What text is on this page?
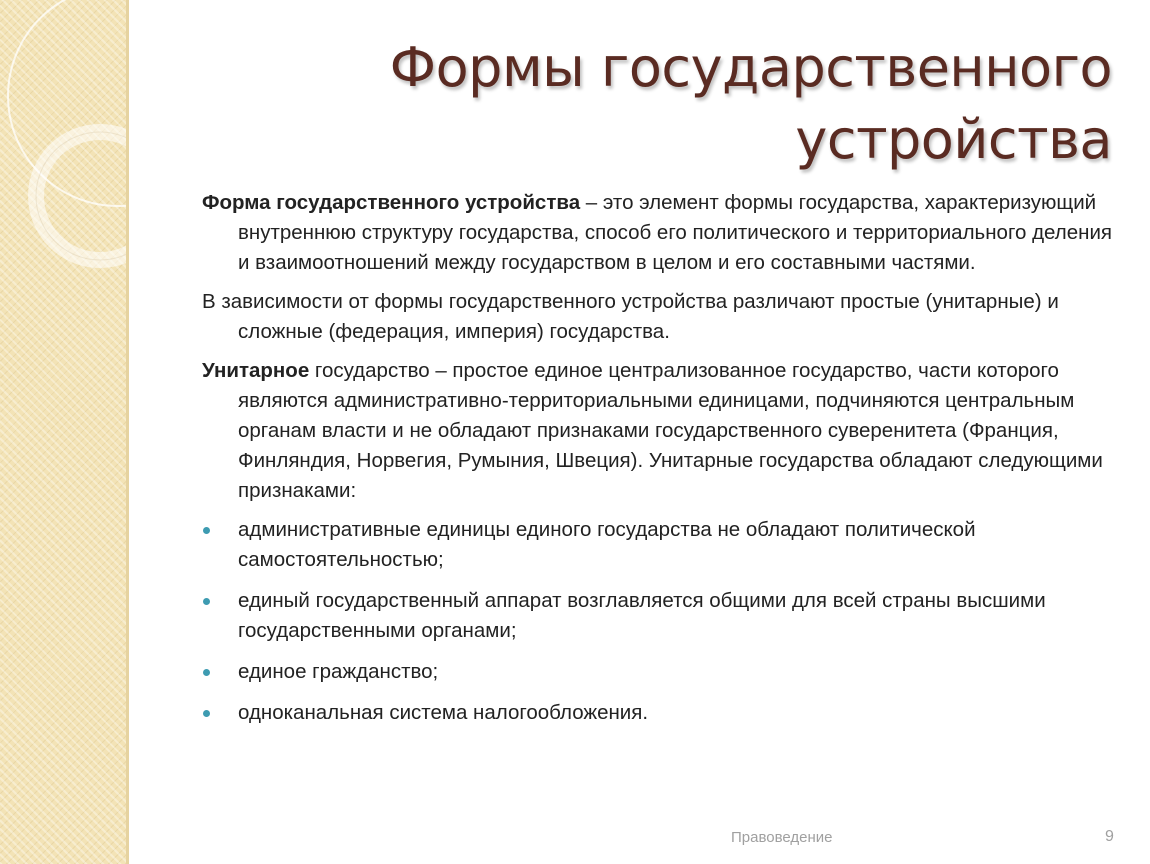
Формы государственного
устройства

Форма государственного устройства – это элемент формы государства, характеризующий внутреннюю структуру государства, способ его политического и территориального деления и взаимоотношений между государством в целом и его составными частями.

В зависимости от формы государственного устройства различают простые (унитарные) и сложные (федерация, империя) государства.

Унитарное государство – простое единое централизованное государство, части которого являются административно-территориальными единицами, подчиняются центральным органам власти и не обладают признаками государственного суверенитета (Франция, Финляндия, Норвегия, Румыния, Швеция). Унитарные государства обладают следующими признаками:

административные единицы единого государства не обладают политической самостоятельностью;
единый государственный аппарат возглавляется общими для всей страны высшими государственными органами;
единое гражданство;
одноканальная система налогообложения.
Правоведение	9
